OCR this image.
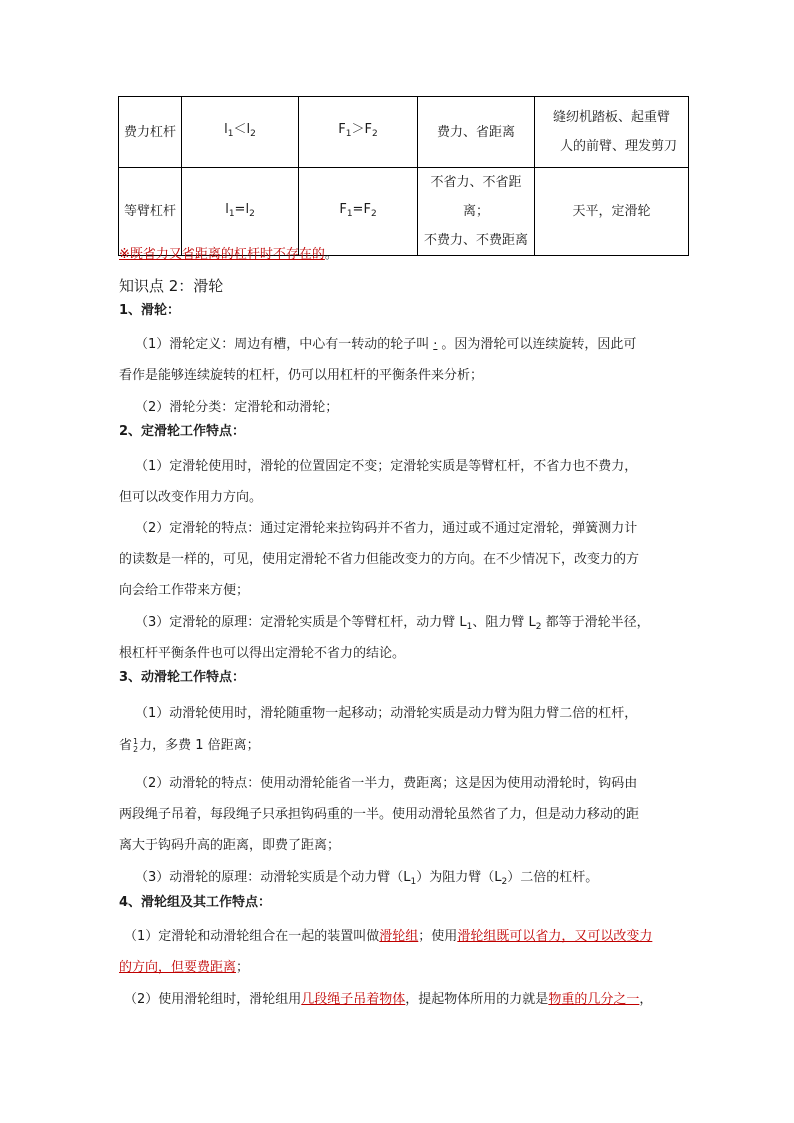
费力杠杆	$l_1<l_2$	$F_1>F_2$	费力、省距离	缝纫机踏板、起重臂
人的前臂、理发剪刀

等臂杠杆	$l_1=l_2$	$F_1=F_2$	不省力、不省距离；
不费力、不费距离	天平，定滑轮
※既省力又省距离的杠杆时不存在的。
知识点 2：滑轮
1、滑轮：
（1）滑轮定义：周边有槽，中心有一转动的轮子叫 · 。因为滑轮可以连续旋转，因此可
看作是能够连续旋转的杠杆，仍可以用杠杆的平衡条件来分析；
（2）滑轮分类：定滑轮和动滑轮；
2、定滑轮工作特点：
（1）定滑轮使用时，滑轮的位置固定不变；定滑轮实质是等臂杠杆，不省力也不费力，
但可以改变作用力方向。
（2）定滑轮的特点：通过定滑轮来拉钩码并不省力，通过或不通过定滑轮，弹簧测力计
的读数是一样的，可见，使用定滑轮不省力但能改变力的方向。在不少情况下，改变力的方
向会给工作带来方便；
（3）定滑轮的原理：定滑轮实质是个等臂杠杆，动力臂 $L_1$、阻力臂 $L_2$ 都等于滑轮半径，
根杠杆平衡条件也可以得出定滑轮不省力的结论。
3、动滑轮工作特点：
（1）动滑轮使用时，滑轮随重物一起移动；动滑轮实质是动力臂为阻力臂二倍的杠杆，
省 1
2 力，多费 1 倍距离；
（2）动滑轮的特点：使用动滑轮能省一半力，费距离；这是因为使用动滑轮时，钩码由
两段绳子吊着，每段绳子只承担钩码重的一半。使用动滑轮虽然省了力，但是动力移动的距
离大于钩码升高的距离，即费了距离；
（3）动滑轮的原理：动滑轮实质是个动力臂$(L_1)$为阻力臂$(L_2)$二倍的杠杆。
4、滑轮组及其工作特点：
（1）定滑轮和动滑轮组合在一起的装置叫做滑轮组；使用滑轮组既可以省力，又可以改变力
的方向，但要费距离；
（2）使用滑轮组时，滑轮组用几段绳子吊着物体，提起物体所用的力就是物重的几分之一，
